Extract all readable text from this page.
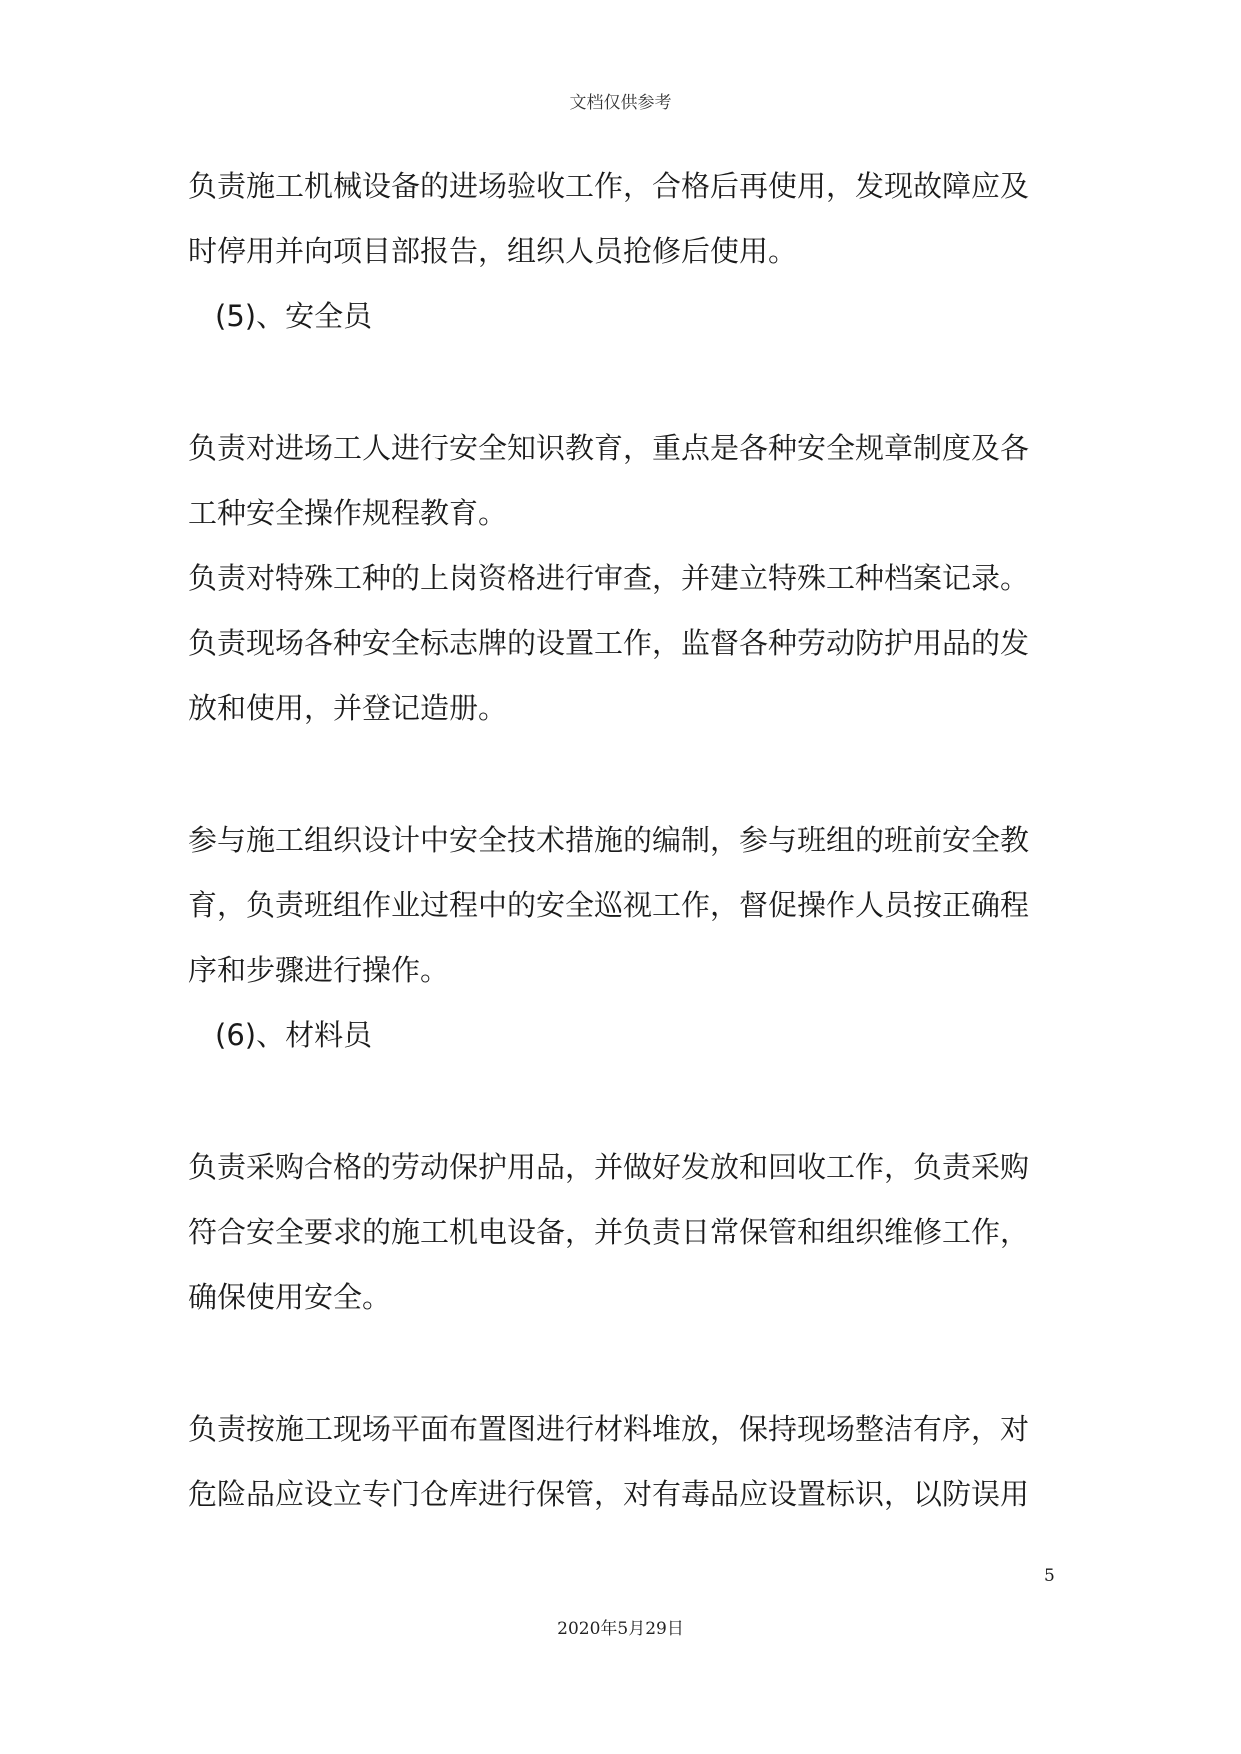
文档仅供参考
负责施工机械设备的进场验收工作，合格后再使用，发现故障应及
时停用并向项目部报告，组织人员抢修后使用。
(5)、安全员
负责对进场工人进行安全知识教育，重点是各种安全规章制度及各
工种安全操作规程教育。
负责对特殊工种的上岗资格进行审查，并建立特殊工种档案记录。
负责现场各种安全标志牌的设置工作，监督各种劳动防护用品的发
放和使用，并登记造册。
参与施工组织设计中安全技术措施的编制，参与班组的班前安全教
育，负责班组作业过程中的安全巡视工作，督促操作人员按正确程
序和步骤进行操作。
(6)、材料员
负责采购合格的劳动保护用品，并做好发放和回收工作，负责采购
符合安全要求的施工机电设备，并负责日常保管和组织维修工作，
确保使用安全。
负责按施工现场平面布置图进行材料堆放，保持现场整洁有序，对
危险品应设立专门仓库进行保管，对有毒品应设置标识，以防误用
5
2020年5月29日
